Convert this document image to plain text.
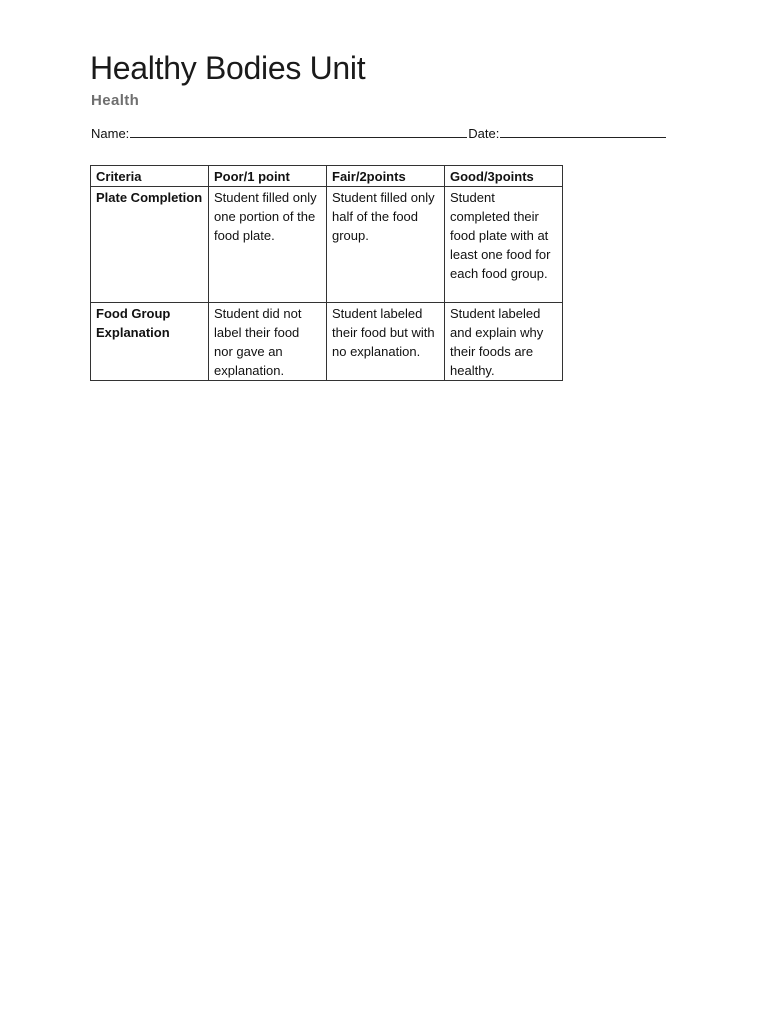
Healthy Bodies Unit
Health
Name:	Date:
Criteria	Poor/1 point	Fair/2points	Good/3points
Plate Completion	Student filled only one portion of the food plate.	Student filled only half of the food group.	Student completed their food plate with at least one food for each food group.
Food Group Explanation	Student did not label their food nor gave an explanation.	Student labeled their food but with no explanation.	Student labeled and explain why their foods are healthy.
